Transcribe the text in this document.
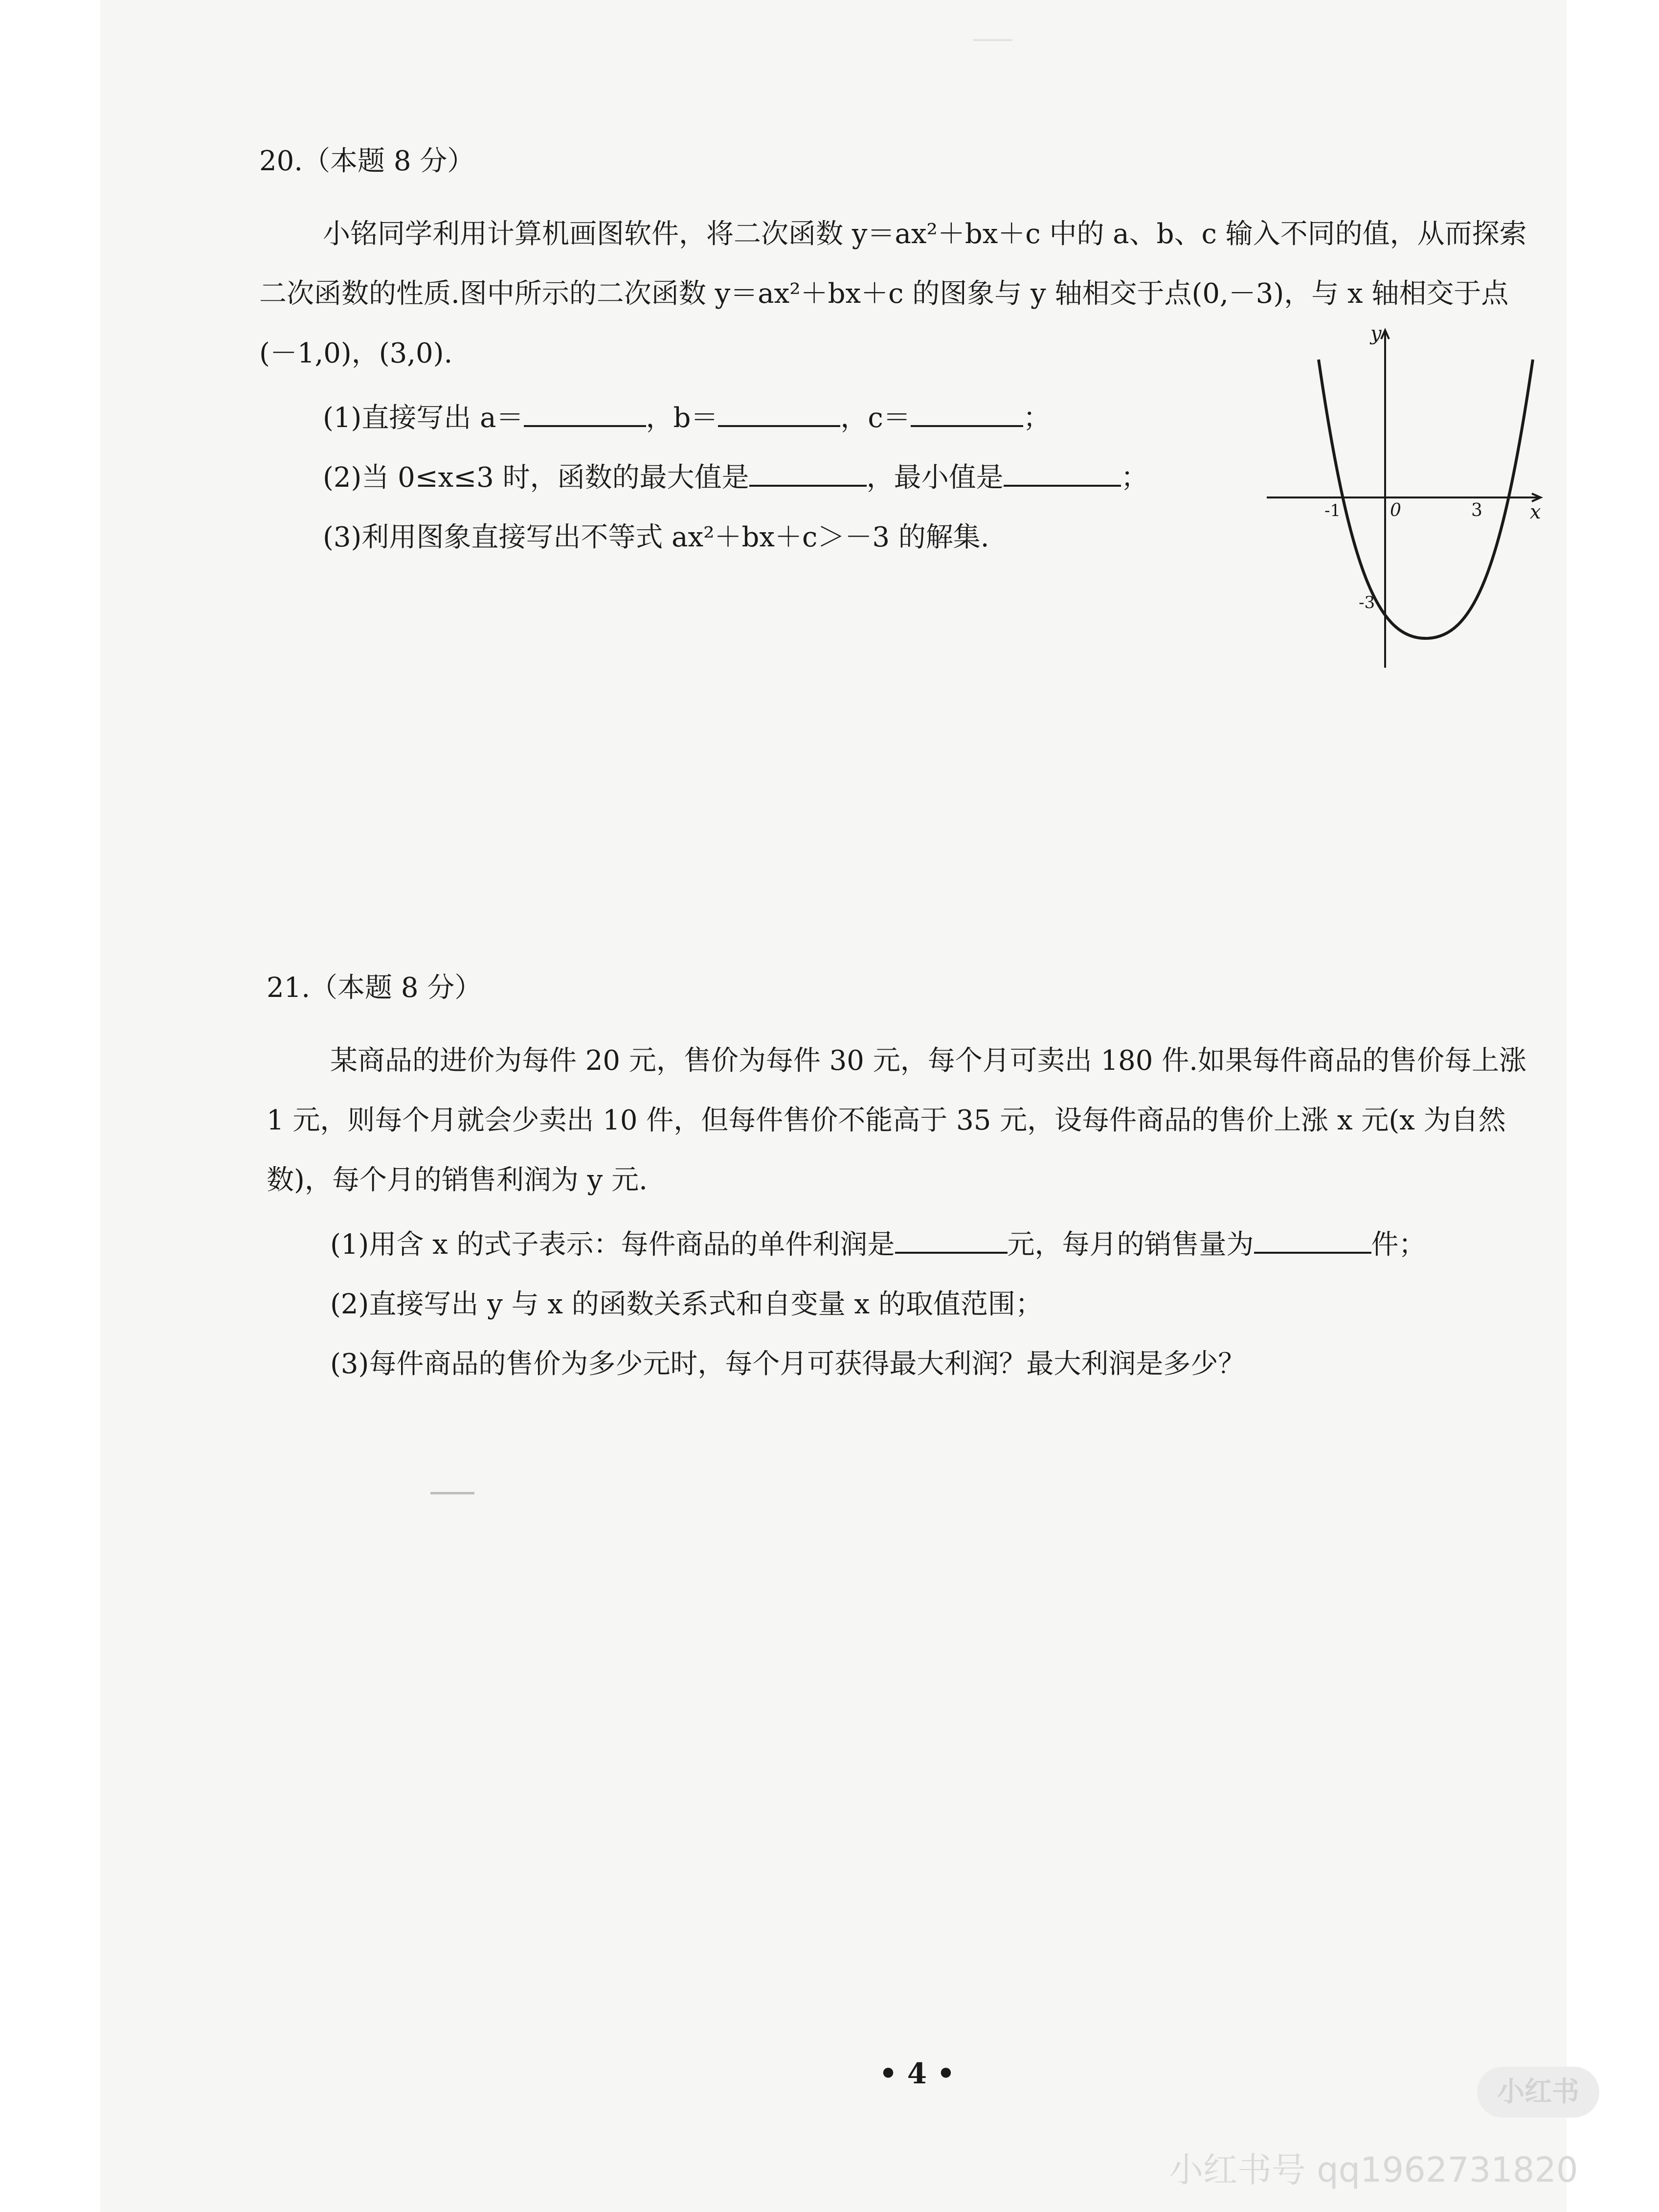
20.（本题 8 分）

小铭同学利用计算机画图软件，将二次函数 y＝ax²＋bx＋c 中的 a、b、c 输入不同的值，从而探索二次函数的性质.图中所示的二次函数 y＝ax²＋bx＋c 的图象与 y 轴相交于点(0,－3)，与 x 轴相交于点(－1,0)，(3,0).

(1)直接写出 a＝	，b＝	，c＝	；
(2)当 0≤x≤3 时，函数的最大值是	，最小值是	；
(3)利用图象直接写出不等式 ax²＋bx＋c＞－3 的解集.
y
x
0
-1	3
-3
21.（本题 8 分）

某商品的进价为每件 20 元，售价为每件 30 元，每个月可卖出 180 件.如果每件商品的售价每上涨 1 元，则每个月就会少卖出 10 件，但每件售价不能高于 35 元，设每件商品的售价上涨 x 元(x 为自然数)，每个月的销售利润为 y 元.

(1)用含 x 的式子表示：每件商品的单件利润是	元，每月的销售量为	件；
(2)直接写出 y 与 x 的函数关系式和自变量 x 的取值范围；
(3)每件商品的售价为多少元时，每个月可获得最大利润？最大利润是多少？
• 4 •
小红书
小红书号 qq1962731820
